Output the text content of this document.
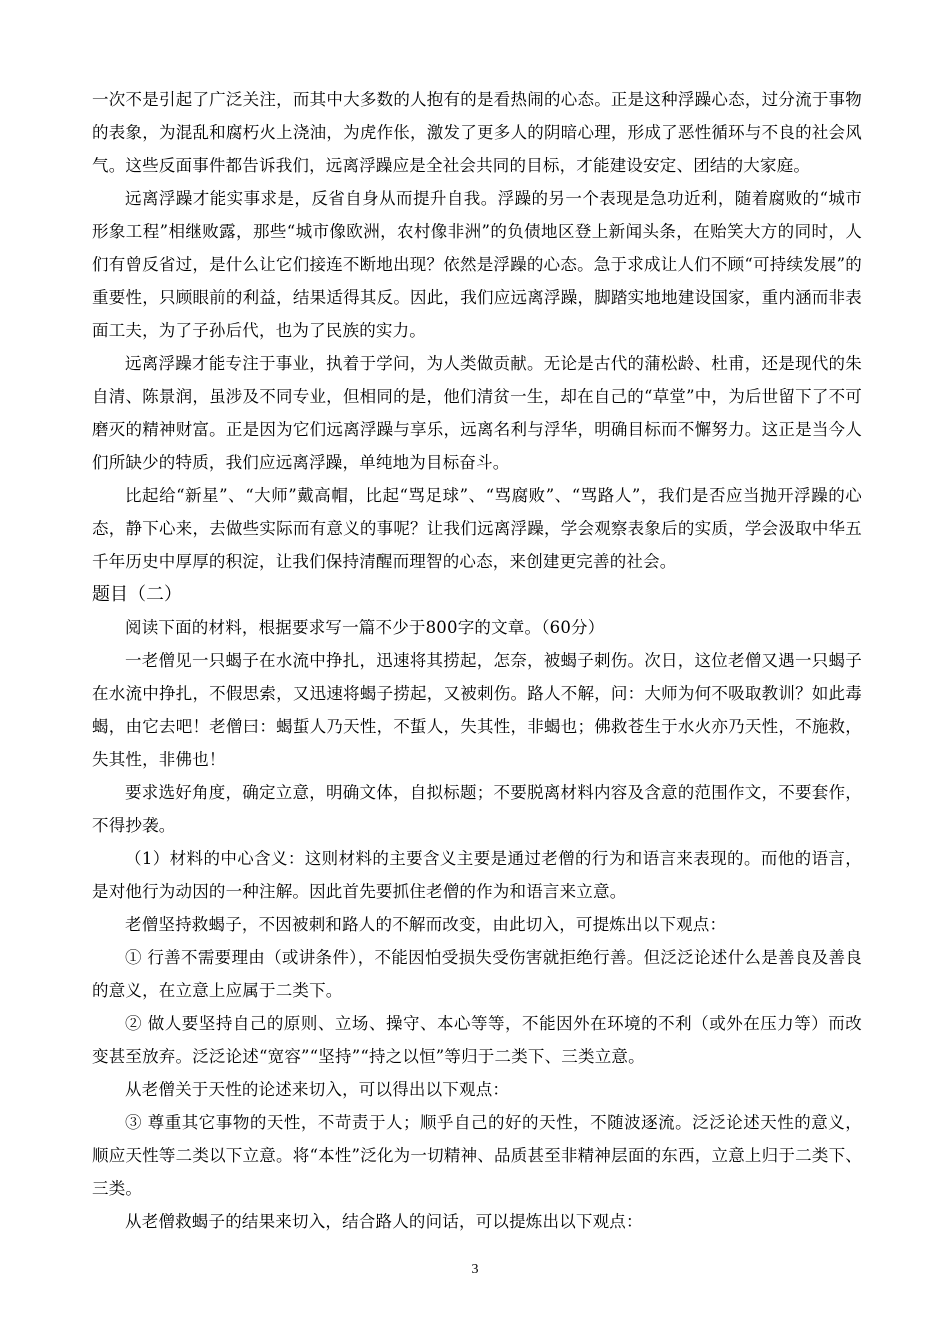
一次不是引起了广泛关注，而其中大多数的人抱有的是看热闹的心态。正是这种浮躁心态，过分流于事物的表象，为混乱和腐朽火上浇油，为虎作伥，激发了更多人的阴暗心理，形成了恶性循环与不良的社会风气。这些反面事件都告诉我们，远离浮躁应是全社会共同的目标，才能建设安定、团结的大家庭。

远离浮躁才能实事求是，反省自身从而提升自我。浮躁的另一个表现是急功近利，随着腐败的“城市形象工程”相继败露，那些“城市像欧洲，农村像非洲”的负债地区登上新闻头条，在贻笑大方的同时，人们有曾反省过，是什么让它们接连不断地出现？依然是浮躁的心态。急于求成让人们不顾“可持续发展”的重要性，只顾眼前的利益，结果适得其反。因此，我们应远离浮躁，脚踏实地地建设国家，重内涵而非表面工夫，为了子孙后代，也为了民族的实力。

远离浮躁才能专注于事业，执着于学问，为人类做贡献。无论是古代的蒲松龄、杜甫，还是现代的朱自清、陈景润，虽涉及不同专业，但相同的是，他们清贫一生，却在自己的“草堂”中，为后世留下了不可磨灭的精神财富。正是因为它们远离浮躁与享乐，远离名利与浮华，明确目标而不懈努力。这正是当今人们所缺少的特质，我们应远离浮躁，单纯地为目标奋斗。

比起给“新星”、“大师”戴高帽，比起“骂足球”、“骂腐败”、“骂路人”，我们是否应当抛开浮躁的心态，静下心来，去做些实际而有意义的事呢？让我们远离浮躁，学会观察表象后的实质，学会汲取中华五千年历史中厚厚的积淀，让我们保持清醒而理智的心态，来创建更完善的社会。

题目（二）

阅读下面的材料，根据要求写一篇不少于800字的文章。（60分）

一老僧见一只蝎子在水流中挣扎，迅速将其捞起，怎奈，被蝎子刺伤。次日，这位老僧又遇一只蝎子在水流中挣扎，不假思索，又迅速将蝎子捞起，又被刺伤。路人不解，问：大师为何不吸取教训？如此毒蝎，由它去吧！老僧曰：蝎蜇人乃天性，不蜇人，失其性，非蝎也；佛救苍生于水火亦乃天性，不施救，失其性，非佛也！

要求选好角度，确定立意，明确文体，自拟标题；不要脱离材料内容及含意的范围作文，不要套作，不得抄袭。

（1）材料的中心含义：这则材料的主要含义主要是通过老僧的行为和语言来表现的。而他的语言，是对他行为动因的一种注解。因此首先要抓住老僧的作为和语言来立意。

老僧坚持救蝎子，不因被刺和路人的不解而改变，由此切入，可提炼出以下观点：

① 行善不需要理由（或讲条件），不能因怕受损失受伤害就拒绝行善。但泛泛论述什么是善良及善良的意义，在立意上应属于二类下。

② 做人要坚持自己的原则、立场、操守、本心等等，不能因外在环境的不利（或外在压力等）而改变甚至放弃。泛泛论述“宽容”“坚持”“持之以恒”等归于二类下、三类立意。

从老僧关于天性的论述来切入，可以得出以下观点：

③ 尊重其它事物的天性，不苛责于人；顺乎自己的好的天性，不随波逐流。泛泛论述天性的意义，顺应天性等二类以下立意。将“本性”泛化为一切精神、品质甚至非精神层面的东西，立意上归于二类下、三类。

从老僧救蝎子的结果来切入，结合路人的问话，可以提炼出以下观点：

3
